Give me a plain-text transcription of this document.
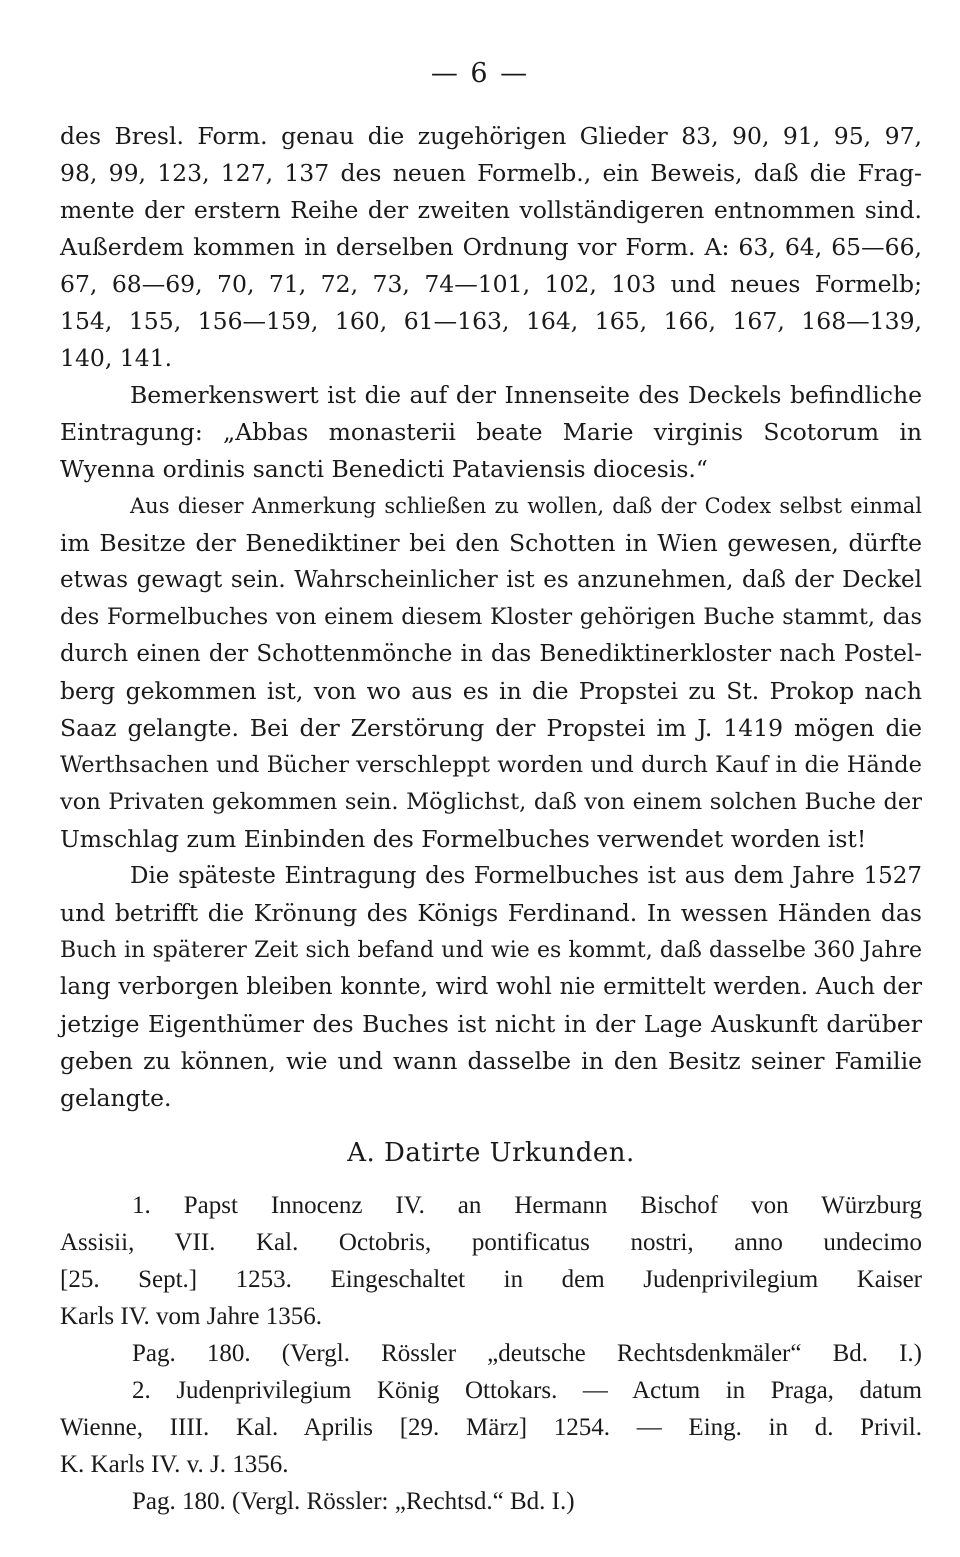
— 6 —
des Bresl. Form. genau die zugehörigen Glieder 83, 90, 91, 95, 97,
98, 99, 123, 127, 137 des neuen Formelb., ein Beweis, daß die Frag-
mente der erstern Reihe der zweiten vollständigeren entnommen sind.
Außerdem kommen in derselben Ordnung vor Form. A: 63, 64, 65—66,
67, 68—69, 70, 71, 72, 73, 74—101, 102, 103 und neues Formelb;
154, 155, 156—159, 160, 61—163, 164, 165, 166, 167, 168—139,
140, 141.
Bemerkenswert ist die auf der Innenseite des Deckels befindliche
Eintragung: „Abbas monasterii beate Marie virginis Scotorum in
Wyenna ordinis sancti Benedicti Pataviensis diocesis.“
Aus dieser Anmerkung schließen zu wollen, daß der Codex selbst einmal
im Besitze der Benediktiner bei den Schotten in Wien gewesen, dürfte
etwas gewagt sein. Wahrscheinlicher ist es anzunehmen, daß der Deckel
des Formelbuches von einem diesem Kloster gehörigen Buche stammt, das
durch einen der Schottenmönche in das Benediktinerkloster nach Postel-
berg gekommen ist, von wo aus es in die Propstei zu St. Prokop nach
Saaz gelangte. Bei der Zerstörung der Propstei im J. 1419 mögen die
Werthsachen und Bücher verschleppt worden und durch Kauf in die Hände
von Privaten gekommen sein. Möglichst, daß von einem solchen Buche der
Umschlag zum Einbinden des Formelbuches verwendet worden ist!
Die späteste Eintragung des Formelbuches ist aus dem Jahre 1527
und betrifft die Krönung des Königs Ferdinand. In wessen Händen das
Buch in späterer Zeit sich befand und wie es kommt, daß dasselbe 360 Jahre
lang verborgen bleiben konnte, wird wohl nie ermittelt werden. Auch der
jetzige Eigenthümer des Buches ist nicht in der Lage Auskunft darüber
geben zu können, wie und wann dasselbe in den Besitz seiner Familie
gelangte.
A. Datirte Urkunden.
1. Papst Innocenz IV. an Hermann Bischof von Würzburg
Assisii, VII. Kal. Octobris, pontificatus nostri, anno undecimo
[25. Sept.] 1253. Eingeschaltet in dem Judenprivilegium Kaiser
Karls IV. vom Jahre 1356.
Pag. 180. (Vergl. Rössler „deutsche Rechtsdenkmäler“ Bd. I.)
2. Judenprivilegium König Ottokars. — Actum in Praga, datum
Wienne, IIII. Kal. Aprilis [29. März] 1254. — Eing. in d. Privil.
K. Karls IV. v. J. 1356.
Pag. 180. (Vergl. Rössler: „Rechtsd.“ Bd. I.)
